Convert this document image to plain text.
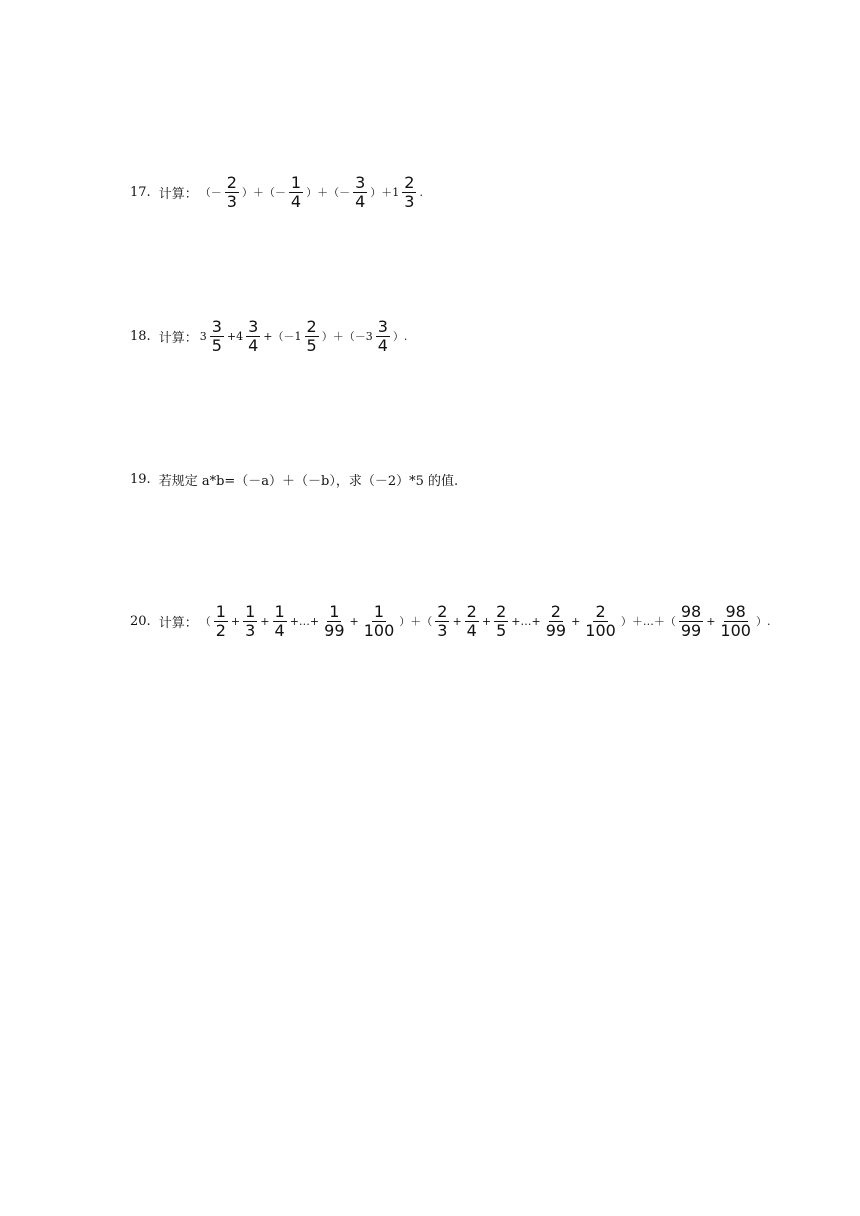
17. 计算： （－ $\frac{2}{3}$ ）＋（－ $\frac{1}{4}$ ）＋（－ $\frac{3}{4} )+1 \frac{2}{3}$ .
18. 计算： $3 \frac{3}{5} +4 \frac{3}{4} +(-1 \frac{2}{5} )+(-3 \frac{3}{4}$ ）.
19. 若规定 a*b=（－a）＋（－b），求（－2）*5 的值.
20. 计算： （ $\frac{1}{2} + \frac{1}{3} + \frac{1}{4}$ +…+ $\frac{1}{99} + \frac{1}{100}$ ）＋（ $\frac{2}{3} + \frac{2}{4} + \frac{2}{5}$ +…+ $\frac{2}{99} + \frac{2}{100}$ ）＋…＋（ $\frac{98}{99} + \frac{98}{100}$ ）.
